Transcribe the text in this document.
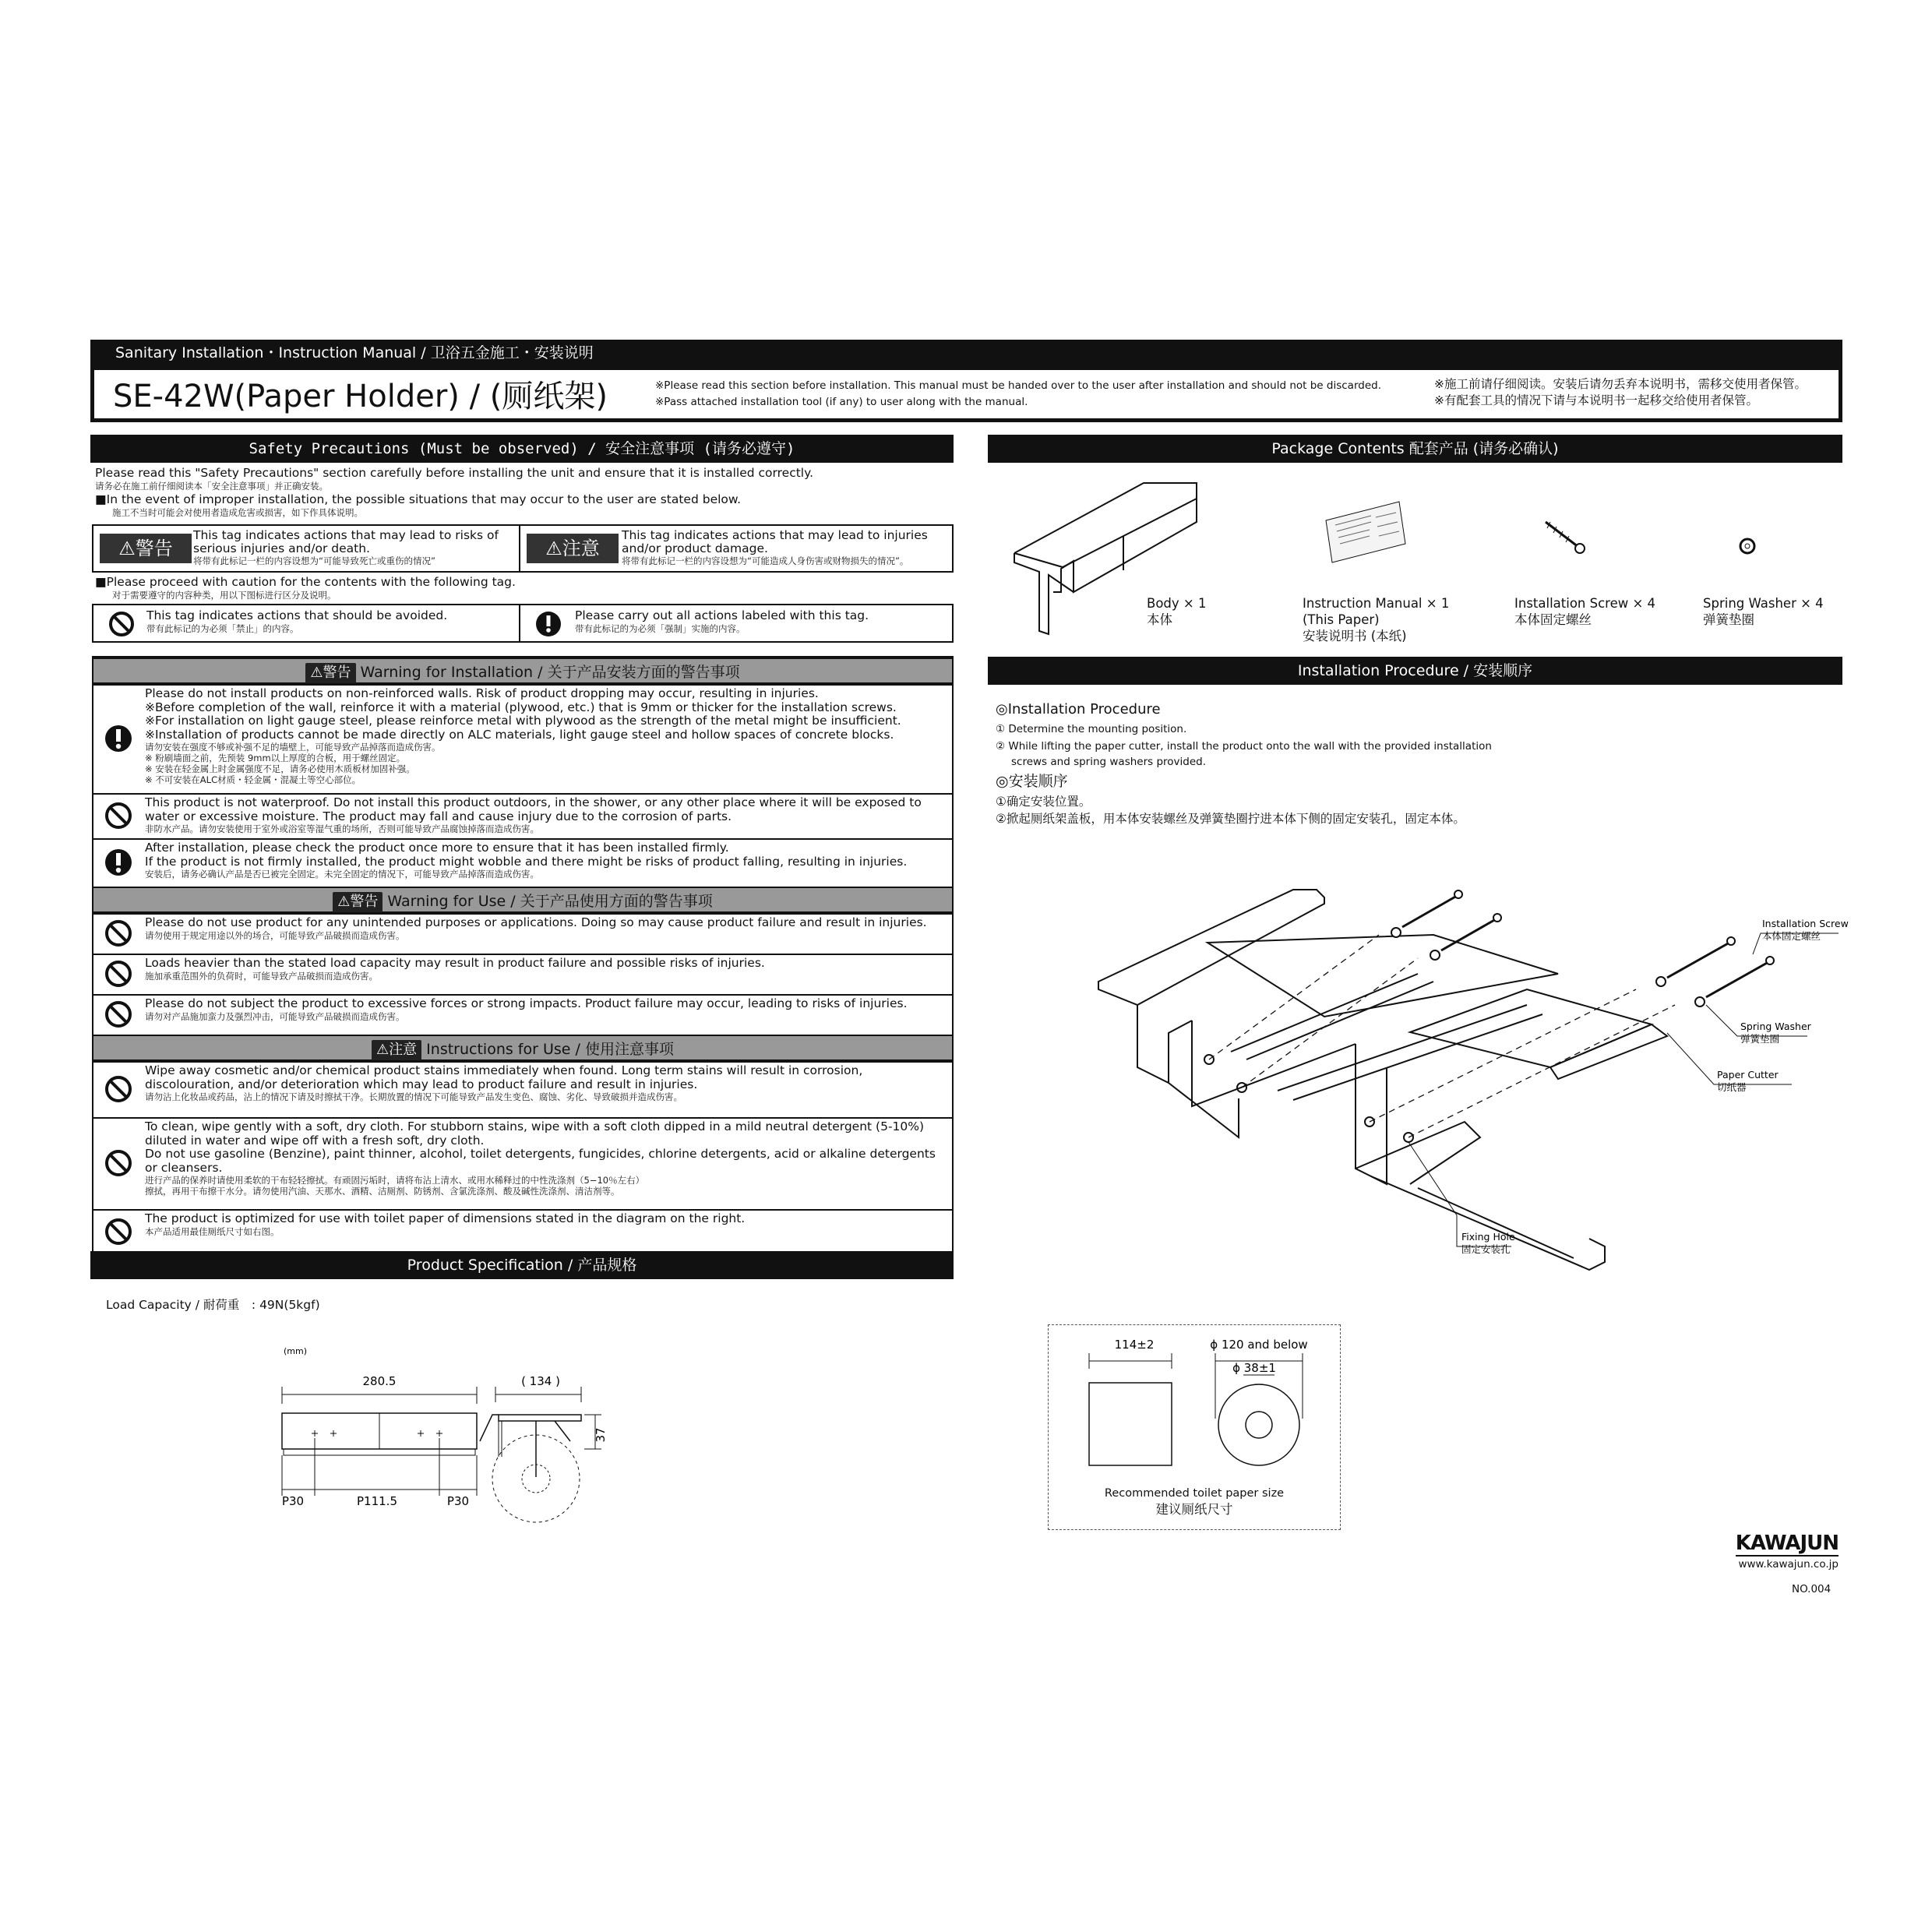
Sanitary Installation・Instruction Manual / 卫浴五金施工・安装说明
SE-42W(Paper Holder) / (厕纸架)	※Please read this section before installation. This manual must be handed over to the user after installation and should not be discarded.
※Pass attached installation tool (if any) to user along with the manual.
※施工前请仔细阅读。安装后请勿丢弃本说明书，需移交使用者保管。
※有配套工具的情况下请与本说明书一起移交给使用者保管。
Safety Precautions (Must be observed) / 安全注意事项 (请务必遵守)
Please read this "Safety Precautions" section carefully before installing the unit and ensure that it is installed correctly.
请务必在施工前仔细阅读本「安全注意事项」并正确安装。
■In the event of improper installation, the possible situations that may occur to the user are stated below.
施工不当时可能会对使用者造成危害或损害，如下作具体说明。
⚠警告
This tag indicates actions that may lead to risks of serious injuries and/or death.
将带有此标记一栏的内容设想为“可能导致死亡或重伤的情况”
⚠注意
This tag indicates actions that may lead to injuries and/or product damage.
将带有此标记一栏的内容设想为“可能造成人身伤害或财物损失的情况”。
■Please proceed with caution for the contents with the following tag.
对于需要遵守的内容种类，用以下图标进行区分及说明。
This tag indicates actions that should be avoided.
带有此标记的为必须「禁止」的内容。
Please carry out all actions labeled with this tag.
带有此标记的为必须「强制」实施的内容。
⚠警告 Warning for Installation / 关于产品安装方面的警告事项
Please do not install products on non-reinforced walls. Risk of product dropping may occur, resulting in injuries.
※Before completion of the wall, reinforce it with a material (plywood, etc.) that is 9mm or thicker for the installation screws.
※For installation on light gauge steel, please reinforce metal with plywood as the strength of the metal might be insufficient.
※Installation of products cannot be made directly on ALC materials, light gauge steel and hollow spaces of concrete blocks.
请勿安装在强度不够或补强不足的墙壁上，可能导致产品掉落而造成伤害。
※ 粉刷墙面之前，先预装 9mm以上厚度的合板，用于螺丝固定。
※ 安装在轻金属上时金属强度不足，请务必使用木质板材加固补强。
※ 不可安装在ALC材质・轻金属・混凝土等空心部位。
This product is not waterproof. Do not install this product outdoors, in the shower, or any other place where it will be exposed to water or excessive moisture. The product may fall and cause injury due to the corrosion of parts.
非防水产品。请勿安装使用于室外或浴室等湿气重的场所，否则可能导致产品腐蚀掉落而造成伤害。
After installation, please check the product once more to ensure that it has been installed firmly.
If the product is not firmly installed, the product might wobble and there might be risks of product falling, resulting in injuries.
安装后，请务必确认产品是否已被完全固定。未完全固定的情况下，可能导致产品掉落而造成伤害。
⚠警告 Warning for Use / 关于产品使用方面的警告事项
Please do not use product for any unintended purposes or applications. Doing so may cause product failure and result in injuries.
请勿使用于规定用途以外的场合，可能导致产品破损而造成伤害。
Loads heavier than the stated load capacity may result in product failure and possible risks of injuries.
施加承重范围外的负荷时，可能导致产品破损而造成伤害。
Please do not subject the product to excessive forces or strong impacts. Product failure may occur, leading to risks of injuries.
请勿对产品施加蛮力及强烈冲击，可能导致产品破损而造成伤害。
⚠注意 Instructions for Use / 使用注意事项
Wipe away cosmetic and/or chemical product stains immediately when found. Long term stains will result in corrosion, discolouration, and/or deterioration which may lead to product failure and result in injuries.
请勿沾上化妆品或药品，沾上的情况下请及时擦拭干净。长期放置的情况下可能导致产品发生变色、腐蚀、劣化、导致破损并造成伤害。
To clean, wipe gently with a soft, dry cloth. For stubborn stains, wipe with a soft cloth dipped in a mild neutral detergent (5-10%) diluted in water and wipe off with a fresh soft, dry cloth.
Do not use gasoline (Benzine), paint thinner, alcohol, toilet detergents, fungicides, chlorine detergents, acid or alkaline detergents or cleansers.
进行产品的保养时请使用柔软的干布轻轻擦拭。有顽固污垢时，请将布沾上清水、或用水稀释过的中性洗涤剂（5−10％左右）
擦拭，再用干布擦干水分。请勿使用汽油、天那水、酒精、洁厕剂、防锈剂、含氯洗涤剂、酸及碱性洗涤剂、清洁剂等。
The product is optimized for use with toilet paper of dimensions stated in the diagram on the right.
本产品适用最佳厕纸尺寸如右图。
Product Specification / 产品规格
Load Capacity / 耐荷重　: 49N(5kgf)
(mm)
280.5
P30	P111.5	P30
( 134 )
37
Package Contents 配套产品 (请务必确认)
Body × 1
本体
Instruction Manual × 1
(This Paper)
安装说明书 (本纸)
Installation Screw × 4
本体固定螺丝
Spring Washer × 4
弹簧垫圈
Installation Procedure / 安装顺序
◎Installation Procedure
① Determine the mounting position.
② While lifting the paper cutter, install the product onto the wall with the provided installation
screws and spring washers provided.
◎安装顺序
①确定安装位置。
②掀起厕纸架盖板，用本体安装螺丝及弹簧垫圈拧进本体下侧的固定安装孔，固定本体。
Installation Screw
本体固定螺丝
Spring Washer
弹簧垫圈
Paper Cutter
切纸器
Fixing Hole
固定安装孔
114±2	ϕ 120 and below
ϕ 38±1
Recommended toilet paper size
建议厕纸尺寸
KAWAJUN
www.kawajun.co.jp
NO.004
